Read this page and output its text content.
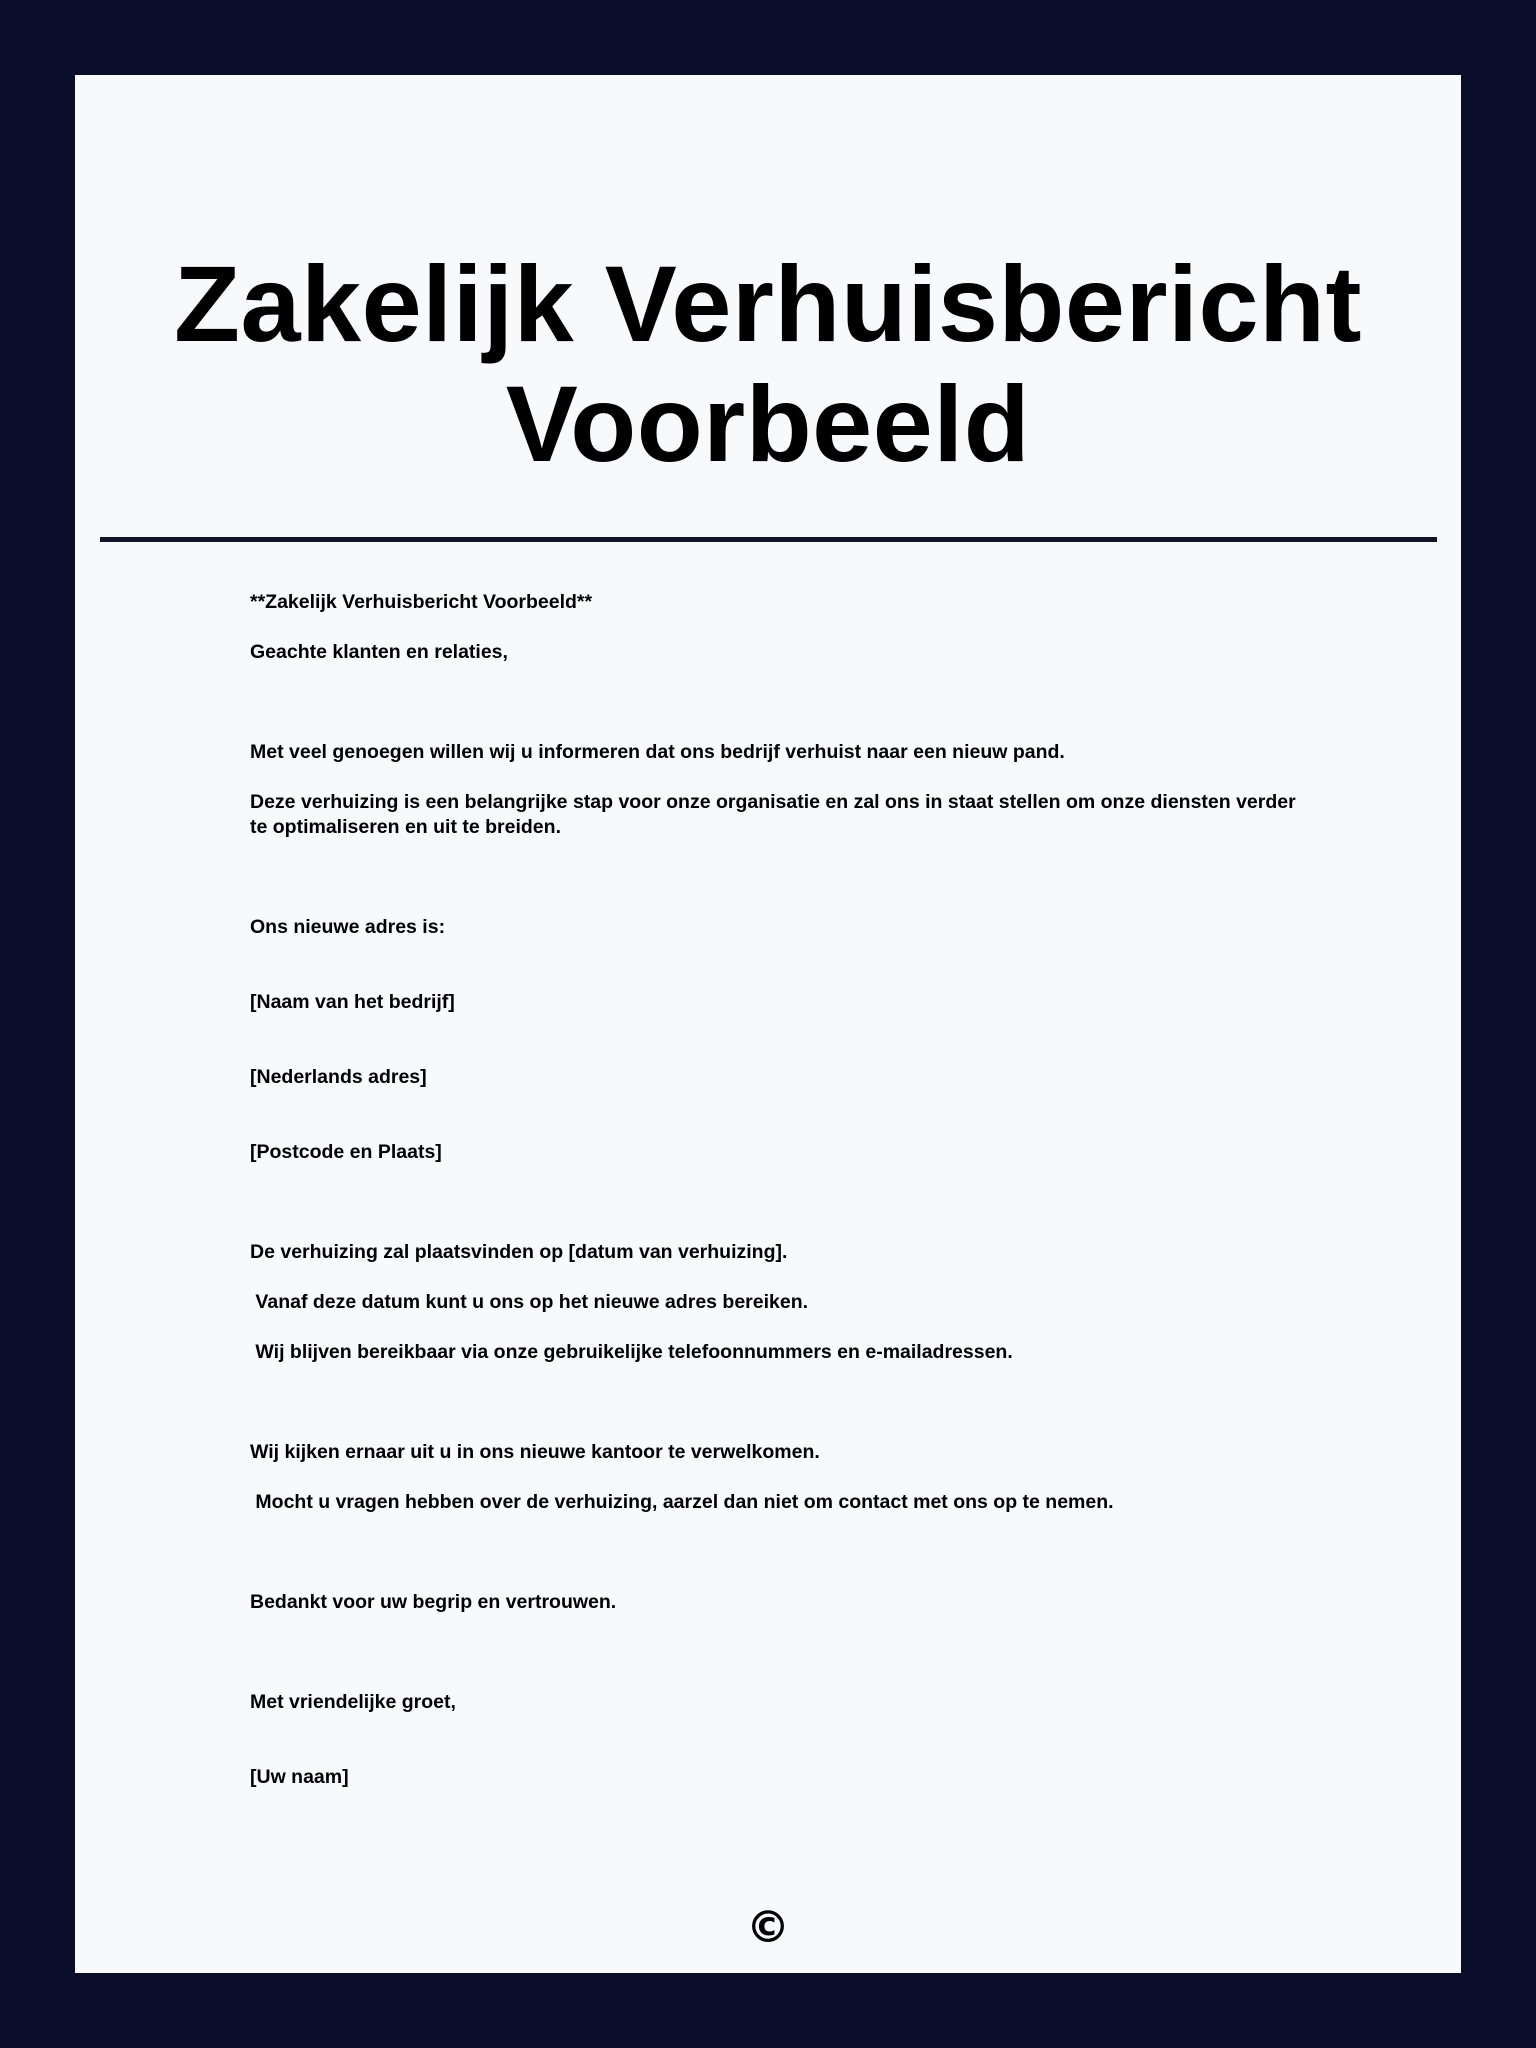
Zakelijk Verhuisbericht
Voorbeeld
**Zakelijk Verhuisbericht Voorbeeld**
Geachte klanten en relaties,
Met veel genoegen willen wij u informeren dat ons bedrijf verhuist naar een nieuw pand.
Deze verhuizing is een belangrijke stap voor onze organisatie en zal ons in staat stellen om onze diensten verder te optimaliseren en uit te breiden.
Ons nieuwe adres is:
[Naam van het bedrijf]
[Nederlands adres]
[Postcode en Plaats]
De verhuizing zal plaatsvinden op [datum van verhuizing].
Vanaf deze datum kunt u ons op het nieuwe adres bereiken.
Wij blijven bereikbaar via onze gebruikelijke telefoonnummers en e-mailadressen.
Wij kijken ernaar uit u in ons nieuwe kantoor te verwelkomen.
Mocht u vragen hebben over de verhuizing, aarzel dan niet om contact met ons op te nemen.
Bedankt voor uw begrip en vertrouwen.
Met vriendelijke groet,
[Uw naam]
©
